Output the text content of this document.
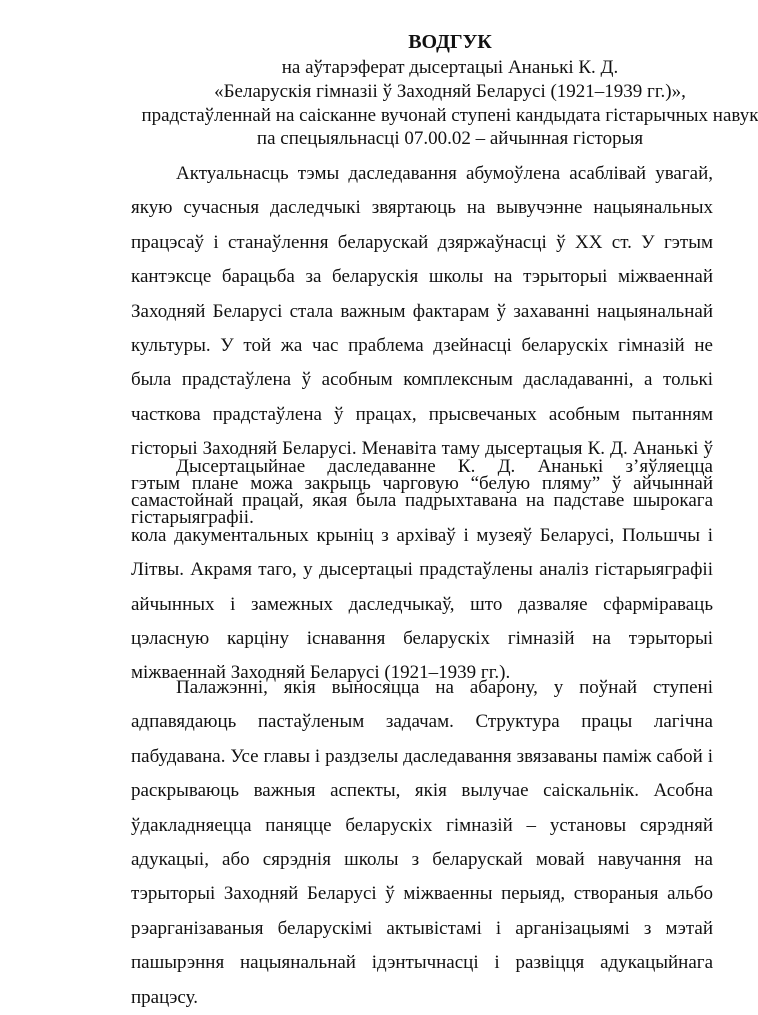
ВОДГУК
на аўтарэферат дысертацыі Ананькі К. Д.
«Беларускія гімназіі ў Заходняй Беларусі (1921–1939 гг.)»,
прадстаўленнай на саісканне вучонай ступені кандыдата гістарычных навук
па спецыяльнасці 07.00.02 – айчынная гісторыя

Актуальнасць тэмы даследавання абумоўлена асаблівай увагай, якую сучасныя даследчыкі звяртаюць на вывучэнне нацыянальных працэсаў і станаўлення беларускай дзяржаўнасці ў XX ст. У гэтым кантэксце барацьба за беларускія школы на тэрыторыі міжваеннай Заходняй Беларусі стала важным фактарам ў захаванні нацыянальнай культуры. У той жа час праблема дзейнасці беларускіх гімназій не была прадстаўлена ў асобным комплексным дасладаванні, а толькі часткова прадстаўлена ў працах, прысвечаных асобным пытанням гісторыі Заходняй Беларусі. Менавіта таму дысертацыя К. Д. Ананькі ў гэтым плане можа закрыць чарговую “белую пляму” ў айчыннай гістарыяграфіі.

Дысертацыйнае даследаванне К. Д. Ананькі з’яўляецца самастойнай працай, якая была падрыхтавана на падставе шырокага кола дакументальных крыніц з архіваў і музеяў Беларусі, Польшчы і Літвы. Акрамя таго, у дысертацыі прадстаўлены аналіз гістарыяграфіі айчынных і замежных даследчыкаў, што дазваляе сфарміраваць цэласную карціну існавання беларускіх гімназій на тэрыторыі міжваеннай Заходняй Беларусі (1921–1939 гг.).

Палажэнні, якія выносяцца на абарону, у поўнай ступені адпавядаюць пастаўленым задачам. Структура працы лагічна пабудавана. Усе главы і раздзелы даследавання звязаваны паміж сабой і раскрываюць важныя аспекты, якія вылучае саіскальнік. Асобна ўдакладняецца паняцце беларускіх гімназій – установы сярэдняй адукацыі, або сярэднія школы з беларускай мовай навучання на тэрыторыі Заходняй Беларусі ў міжваенны перыяд, створаныя альбо рэарганізаваныя беларускімі актывістамі і арганізацыямі з мэтай пашырэння нацыянальнай ідэнтычнасці і развіцця адукацыйнага працэсу.
